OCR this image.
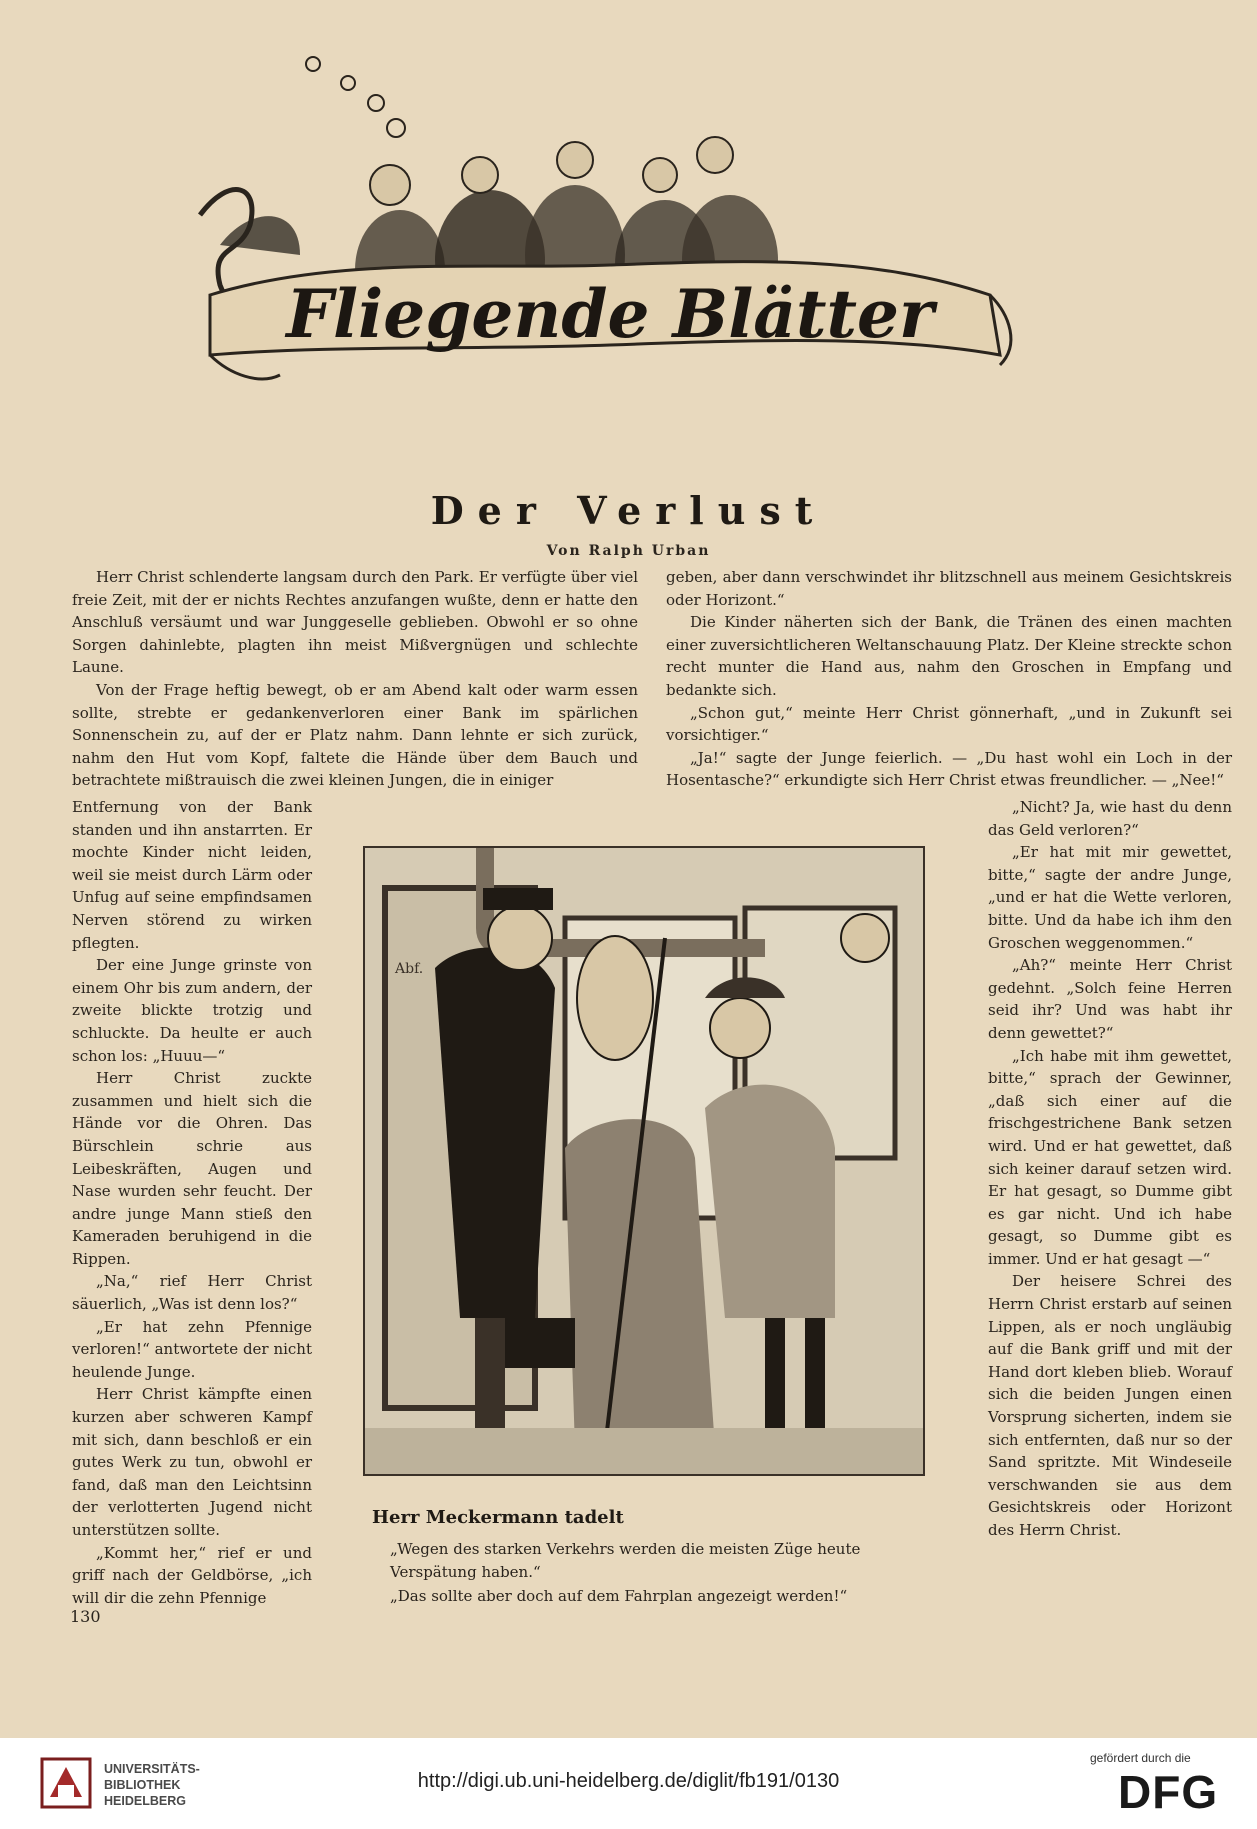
Fliegende Blätter
Der Verlust
Von Ralph Urban

Herr Christ schlenderte langsam durch den Park. Er verfügte über viel freie Zeit, mit der er nichts Rechtes anzufangen wußte, denn er hatte den Anschluß versäumt und war Junggeselle geblieben. Obwohl er so ohne Sorgen dahinlebte, plagten ihn meist Mißvergnügen und schlechte Laune.

Von der Frage heftig bewegt, ob er am Abend kalt oder warm essen sollte, strebte er gedankenverloren einer Bank im spärlichen Sonnenschein zu, auf der er Platz nahm. Dann lehnte er sich zurück, nahm den Hut vom Kopf, faltete die Hände über dem Bauch und betrachtete mißtrauisch die zwei kleinen Jungen, die in einiger

Entfernung von der Bank standen und ihn anstarrten. Er mochte Kinder nicht leiden, weil sie meist durch Lärm oder Unfug auf seine empfindsamen Nerven störend zu wirken pflegten.

Der eine Junge grinste von einem Ohr bis zum andern, der zweite blickte trotzig und schluckte. Da heulte er auch schon los: „Huuu—“

Herr Christ zuckte zusammen und hielt sich die Hände vor die Ohren. Das Bürschlein schrie aus Leibeskräften, Augen und Nase wurden sehr feucht. Der andre junge Mann stieß den Kameraden beruhigend in die Rippen.

„Na,“ rief Herr Christ säuerlich, „Was ist denn los?“

„Er hat zehn Pfennige verloren!“ antwortete der nicht heulende Junge.

Herr Christ kämpfte einen kurzen aber schweren Kampf mit sich, dann beschloß er ein gutes Werk zu tun, obwohl er fand, daß man den Leichtsinn der verlotterten Jugend nicht unterstützen sollte.

„Kommt her,“ rief er und griff nach der Geldbörse, „ich will dir die zehn Pfennige

geben, aber dann verschwindet ihr blitzschnell aus meinem Gesichtskreis oder Horizont.“

Die Kinder näherten sich der Bank, die Tränen des einen machten einer zuversichtlicheren Weltanschauung Platz. Der Kleine streckte schon recht munter die Hand aus, nahm den Groschen in Empfang und bedankte sich.

„Schon gut,“ meinte Herr Christ gönnerhaft, „und in Zukunft sei vorsichtiger.“

„Ja!“ sagte der Junge feierlich. — „Du hast wohl ein Loch in der Hosentasche?“ erkundigte sich Herr Christ etwas freundlicher. — „Nee!“

„Nicht? Ja, wie hast du denn das Geld verloren?“

„Er hat mit mir gewettet, bitte,“ sagte der andre Junge, „und er hat die Wette verloren, bitte. Und da habe ich ihm den Groschen weggenommen.“

„Ah?“ meinte Herr Christ gedehnt. „Solch feine Herren seid ihr? Und was habt ihr denn gewettet?“

„Ich habe mit ihm gewettet, bitte,“ sprach der Gewinner, „daß sich einer auf die frischgestrichene Bank setzen wird. Und er hat gewettet, daß sich keiner darauf setzen wird. Er hat gesagt, so Dumme gibt es gar nicht. Und ich habe gesagt, so Dumme gibt es immer. Und er hat gesagt —“

Der heisere Schrei des Herrn Christ erstarb auf seinen Lippen, als er noch ungläubig auf die Bank griff und mit der Hand dort kleben blieb. Worauf sich die beiden Jungen einen Vorsprung sicherten, indem sie sich entfernten, daß nur so der Sand spritzte. Mit Windeseile verschwanden sie aus dem Gesichtskreis oder Horizont des Herrn Christ.

Abf.
Herr Meckermann tadelt
„Wegen des starken Verkehrs werden die meisten Züge heute Verspätung haben.“
„Das sollte aber doch auf dem Fahrplan angezeigt werden!“
130
UNIVERSITÄTS-
BIBLIOTHEK
HEIDELBERG
http://digi.ub.uni-heidelberg.de/diglit/fb191/0130
gefördert durch die
DFG
